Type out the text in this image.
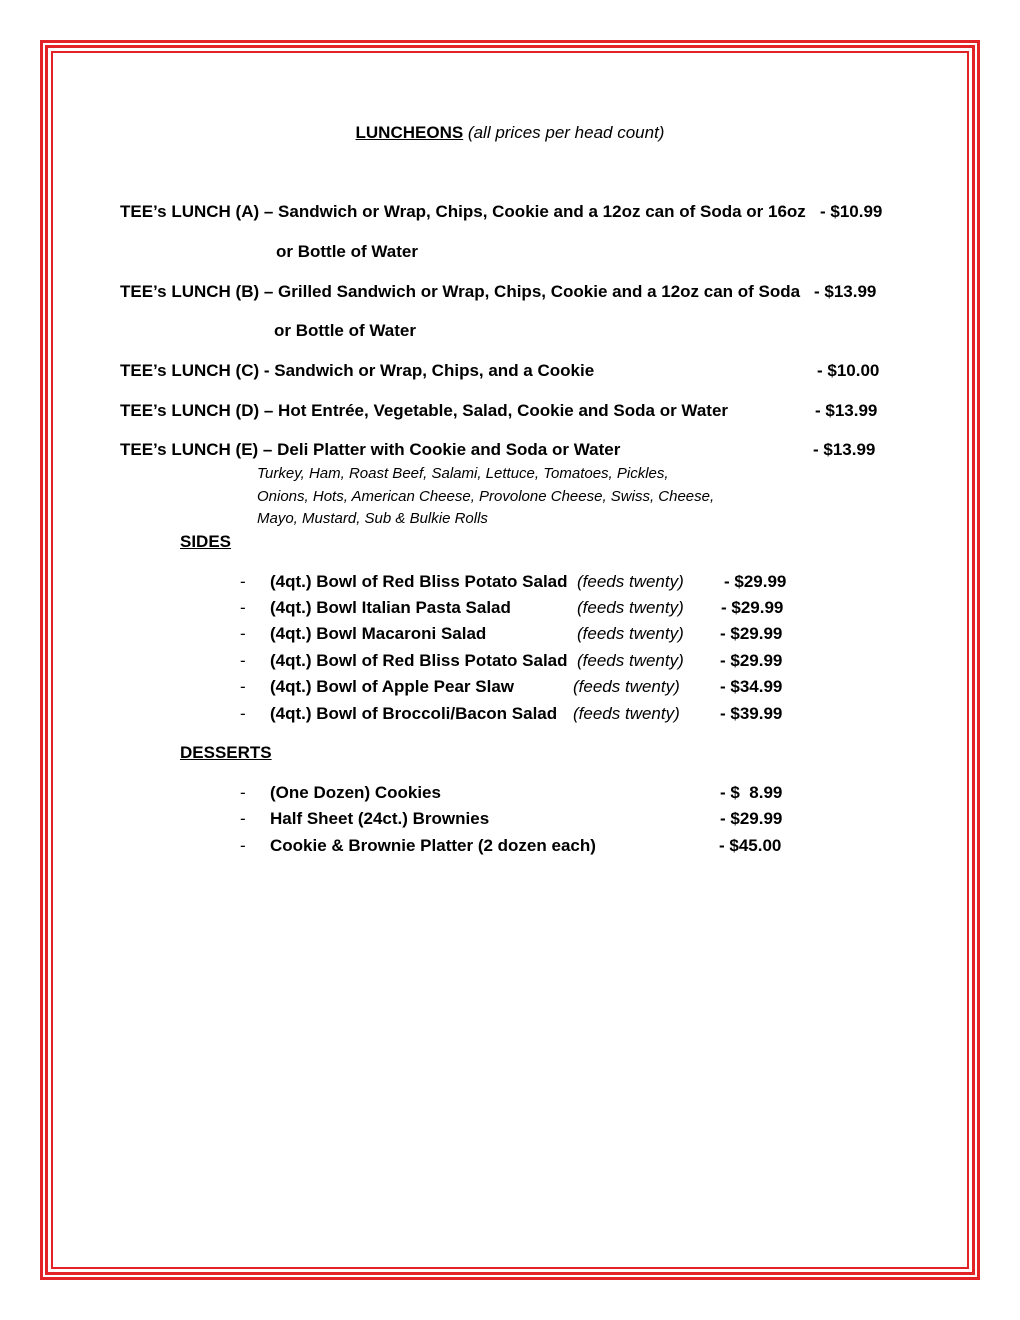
LUNCHEONS (all prices per head count)
TEE’s LUNCH (A) – Sandwich or Wrap, Chips, Cookie and a 12oz can of Soda or 16oz - $10.99
or Bottle of Water
TEE’s LUNCH (B) – Grilled Sandwich or Wrap, Chips, Cookie and a 12oz can of Soda - $13.99
or Bottle of Water
TEE’s LUNCH (C) - Sandwich or Wrap, Chips, and a Cookie	- $10.00
TEE’s LUNCH (D) – Hot Entrée, Vegetable, Salad, Cookie and Soda or Water	- $13.99
TEE’s LUNCH (E) – Deli Platter with Cookie and Soda or Water	- $13.99
Turkey, Ham, Roast Beef, Salami, Lettuce, Tomatoes, Pickles,
Onions, Hots, American Cheese, Provolone Cheese, Swiss, Cheese,
Mayo, Mustard, Sub & Bulkie Rolls
SIDES
- (4qt.) Bowl of Red Bliss Potato Salad (feeds twenty) - $29.99
- (4qt.) Bowl Italian Pasta Salad	(feeds twenty) - $29.99
- (4qt.) Bowl Macaroni Salad	(feeds twenty) - $29.99
- (4qt.) Bowl of Red Bliss Potato Salad (feeds twenty) - $29.99
- (4qt.) Bowl of Apple Pear Slaw	(feeds twenty) - $34.99
- (4qt.) Bowl of Broccoli/Bacon Salad (feeds twenty) - $39.99
DESSERTS
- (One Dozen) Cookies	- $  8.99
- Half Sheet (24ct.) Brownies	- $29.99
- Cookie & Brownie Platter (2 dozen each)	- $45.00
